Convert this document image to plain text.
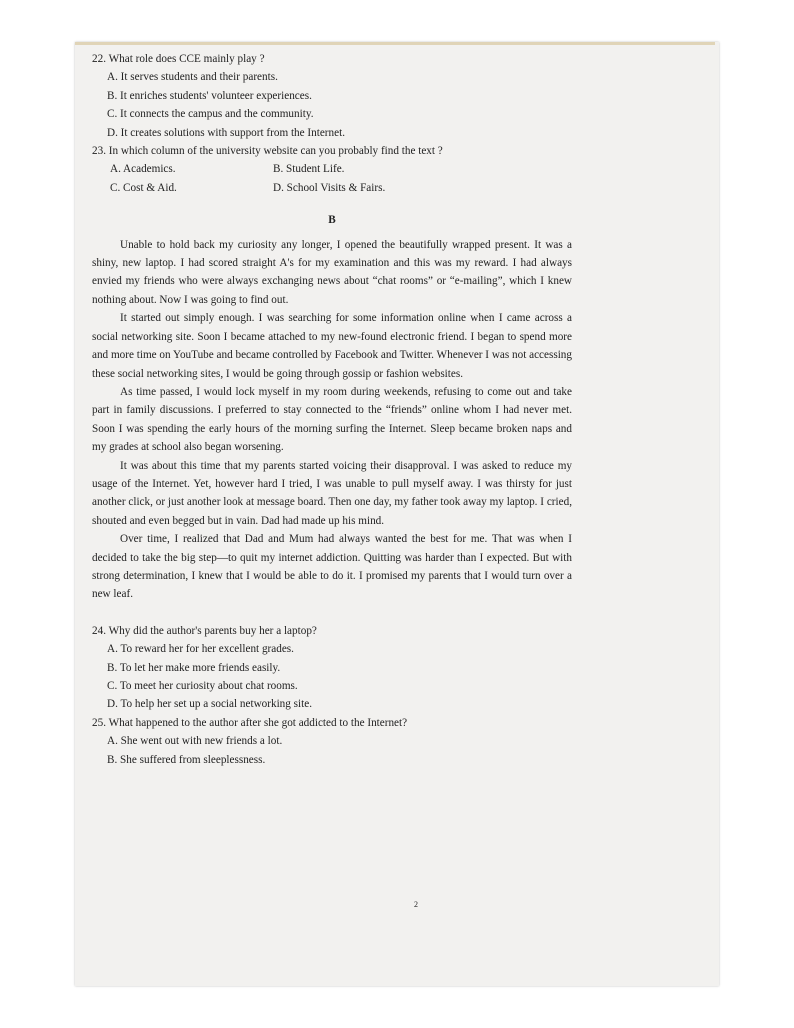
22. What role does CCE mainly play ?
A. It serves students and their parents.
B. It enriches students' volunteer experiences.
C. It connects the campus and the community.
D. It creates solutions with support from the Internet.
23. In which column of the university website can you probably find the text ?
A. Academics.	B. Student Life.
C. Cost & Aid.	D. School Visits & Fairs.
B

Unable to hold back my curiosity any longer, I opened the beautifully wrapped present. It was a shiny, new laptop. I had scored straight A's for my examination and this was my reward. I had always envied my friends who were always exchanging news about “chat rooms” or “e-mailing”, which I knew nothing about. Now I was going to find out.

It started out simply enough. I was searching for some information online when I came across a social networking site. Soon I became attached to my new-found electronic friend. I began to spend more and more time on YouTube and became controlled by Facebook and Twitter. Whenever I was not accessing these social networking sites, I would be going through gossip or fashion websites.

As time passed, I would lock myself in my room during weekends, refusing to come out and take part in family discussions. I preferred to stay connected to the “friends” online whom I had never met. Soon I was spending the early hours of the morning surfing the Internet. Sleep became broken naps and my grades at school also began worsening.

It was about this time that my parents started voicing their disapproval. I was asked to reduce my usage of the Internet. Yet, however hard I tried, I was unable to pull myself away. I was thirsty for just another click, or just another look at message board. Then one day, my father took away my laptop. I cried, shouted and even begged but in vain. Dad had made up his mind.

Over time, I realized that Dad and Mum had always wanted the best for me. That was when I decided to take the big step—to quit my internet addiction. Quitting was harder than I expected. But with strong determination, I knew that I would be able to do it. I promised my parents that I would turn over a new leaf.

24. Why did the author's parents buy her a laptop?
A. To reward her for her excellent grades.
B. To let her make more friends easily.
C. To meet her curiosity about chat rooms.
D. To help her set up a social networking site.
25. What happened to the author after she got addicted to the Internet?
A. She went out with new friends a lot.
B. She suffered from sleeplessness.
2
